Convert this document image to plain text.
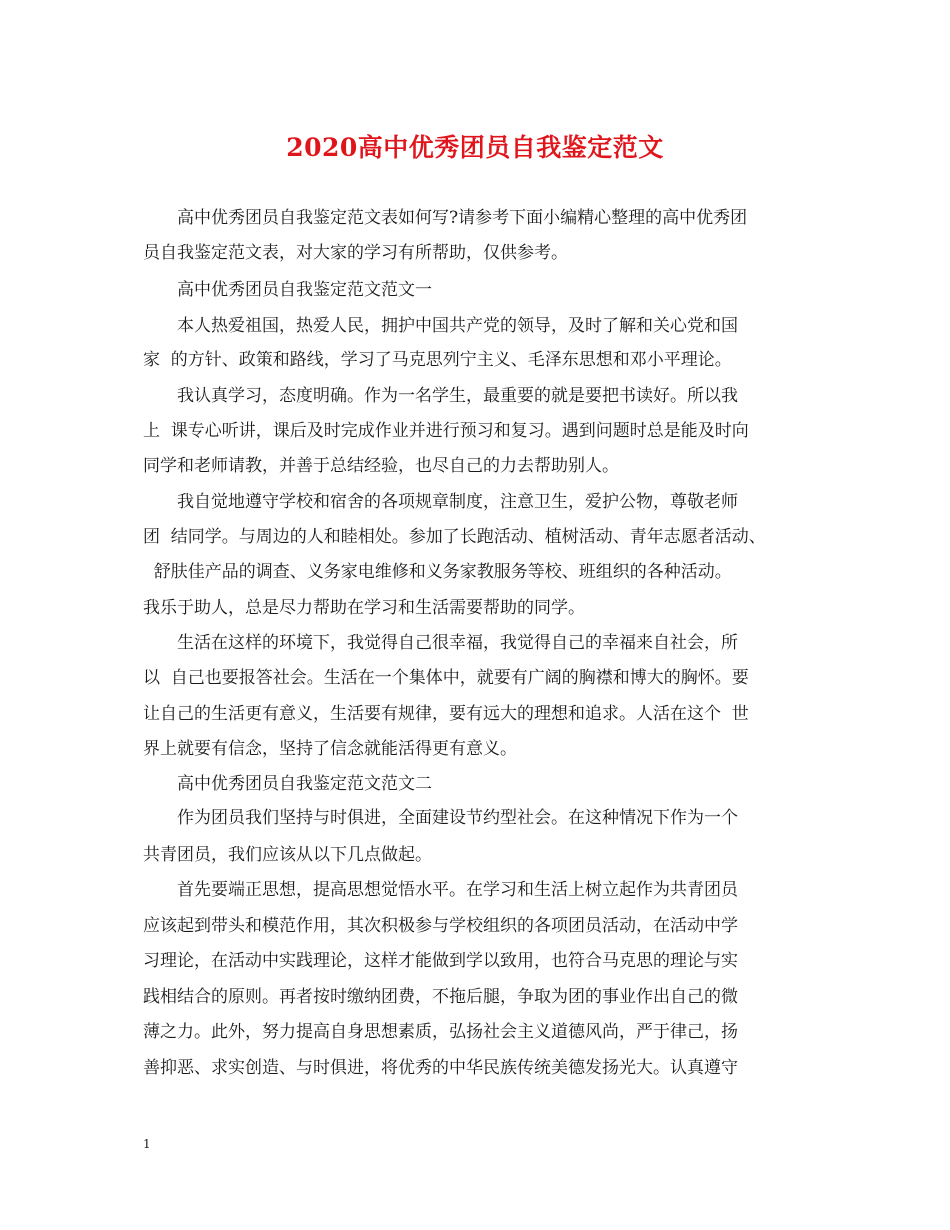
2020高中优秀团员自我鉴定范文
　　高中优秀团员自我鉴定范文表如何写?请参考下面小编精心整理的高中优秀团
员自我鉴定范文表，对大家的学习有所帮助，仅供参考。
　　高中优秀团员自我鉴定范文范文一
　　本人热爱祖国，热爱人民，拥护中国共产党的领导，及时了解和关心党和国
家  的方针、政策和路线，学习了马克思列宁主义、毛泽东思想和邓小平理论。
　　我认真学习，态度明确。作为一名学生，最重要的就是要把书读好。所以我
上  课专心听讲，课后及时完成作业并进行预习和复习。遇到问题时总是能及时向
同学和老师请教，并善于总结经验，也尽自己的力去帮助别人。
　　我自觉地遵守学校和宿舍的各项规章制度，注意卫生，爱护公物，尊敬老师
团  结同学。与周边的人和睦相处。参加了长跑活动、植树活动、青年志愿者活动、
舒肤佳产品的调查、义务家电维修和义务家教服务等校、班组织的各种活动。
我乐于助人，总是尽力帮助在学习和生活需要帮助的同学。
　　生活在这样的环境下，我觉得自己很幸福，我觉得自己的幸福来自社会，所
以  自己也要报答社会。生活在一个集体中，就要有广阔的胸襟和博大的胸怀。要
让自己的生活更有意义，生活要有规律，要有远大的理想和追求。人活在这个  世
界上就要有信念，坚持了信念就能活得更有意义。
　　高中优秀团员自我鉴定范文范文二
　　作为团员我们坚持与时俱进，全面建设节约型社会。在这种情况下作为一个
共青团员，我们应该从以下几点做起。
　　首先要端正思想，提高思想觉悟水平。在学习和生活上树立起作为共青团员
应该起到带头和模范作用，其次积极参与学校组织的各项团员活动，在活动中学
习理论，在活动中实践理论，这样才能做到学以致用，也符合马克思的理论与实
践相结合的原则。再者按时缴纳团费，不拖后腿，争取为团的事业作出自己的微
薄之力。此外，努力提高自身思想素质，弘扬社会主义道德风尚，严于律己，扬
善抑恶、求实创造、与时俱进，将优秀的中华民族传统美德发扬光大。认真遵守
1
